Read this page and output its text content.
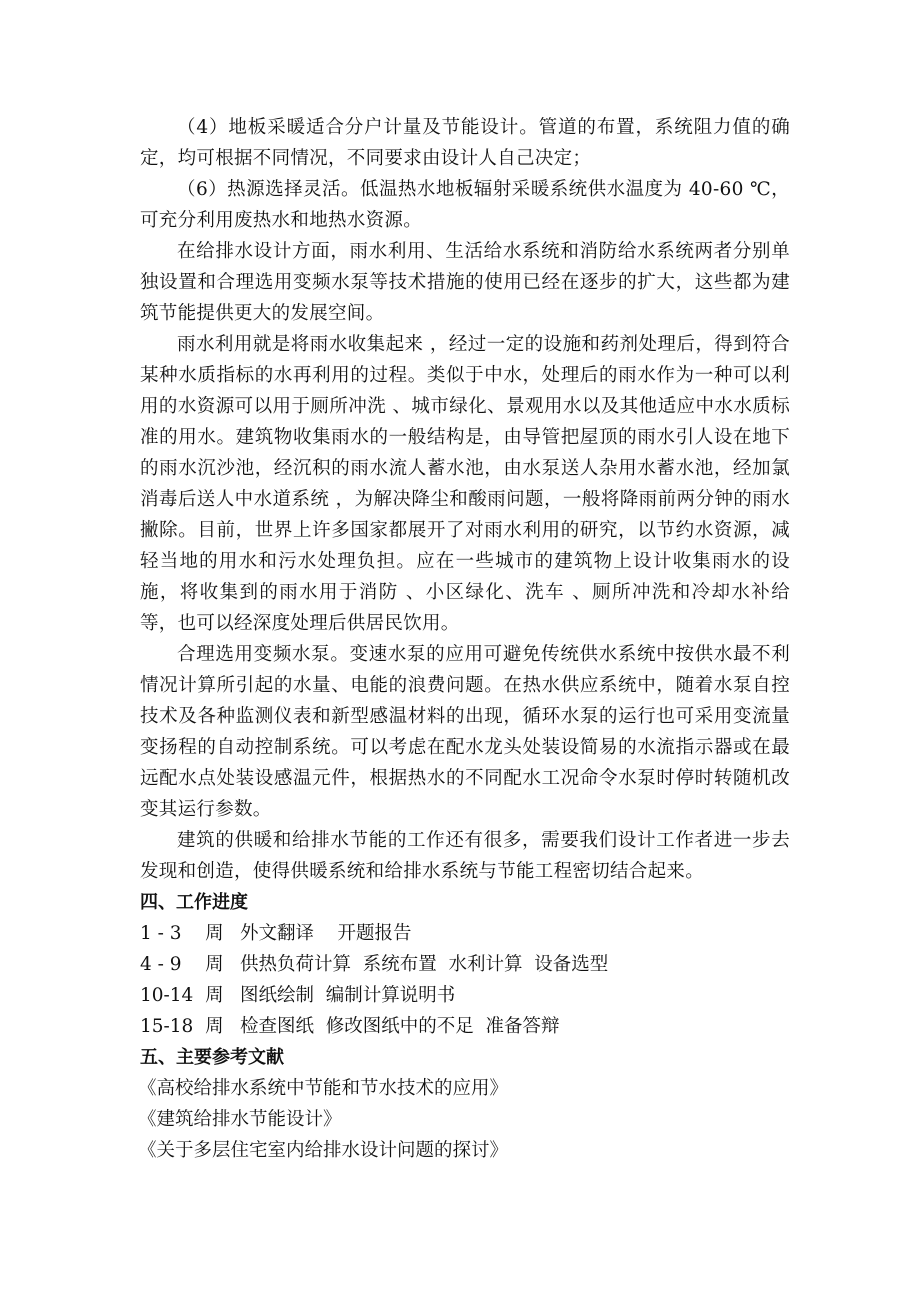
（4）地板采暖适合分户计量及节能设计。管道的布置，系统阻力值的确定，均可根据不同情况，不同要求由设计人自己决定；

（6）热源选择灵活。低温热水地板辐射采暖系统供水温度为 40-60 ℃，可充分利用废热水和地热水资源。

在给排水设计方面，雨水利用、生活给水系统和消防给水系统两者分别单独设置和合理选用变频水泵等技术措施的使用已经在逐步的扩大，这些都为建筑节能提供更大的发展空间。

雨水利用就是将雨水收集起来 ，经过一定的设施和药剂处理后，得到符合某种水质指标的水再利用的过程。类似于中水，处理后的雨水作为一种可以利用的水资源可以用于厕所冲洗 、城市绿化、景观用水以及其他适应中水水质标准的用水。建筑物收集雨水的一般结构是，由导管把屋顶的雨水引人设在地下的雨水沉沙池，经沉积的雨水流人蓄水池，由水泵送人杂用水蓄水池，经加氯消毒后送人中水道系统 ，为解决降尘和酸雨问题，一般将降雨前两分钟的雨水撇除。目前，世界上许多国家都展开了对雨水利用的研究，以节约水资源，减轻当地的用水和污水处理负担。应在一些城市的建筑物上设计收集雨水的设施，将收集到的雨水用于消防 、小区绿化、洗车 、厕所冲洗和冷却水补给等，也可以经深度处理后供居民饮用。

合理选用变频水泵。变速水泵的应用可避免传统供水系统中按供水最不利情况计算所引起的水量、电能的浪费问题。在热水供应系统中，随着水泵自控技术及各种监测仪表和新型感温材料的出现，循环水泵的运行也可采用变流量变扬程的自动控制系统。可以考虑在配水龙头处装设简易的水流指示器或在最远配水点处装设感温元件，根据热水的不同配水工况命令水泵时停时转随机改变其运行参数。

建筑的供暖和给排水节能的工作还有很多，需要我们设计工作者进一步去发现和创造，使得供暖系统和给排水系统与节能工程密切结合起来。

四、工作进度

1 - 3    周 外文翻译    开题报告
4 - 9    周 供热负荷计算  系统布置  水利计算  设备选型
10-14  周 图纸绘制  编制计算说明书
15-18  周 检查图纸  修改图纸中的不足  准备答辩

五、主要参考文献

《高校给排水系统中节能和节水技术的应用》

《建筑给排水节能设计》

《关于多层住宅室内给排水设计问题的探讨》
